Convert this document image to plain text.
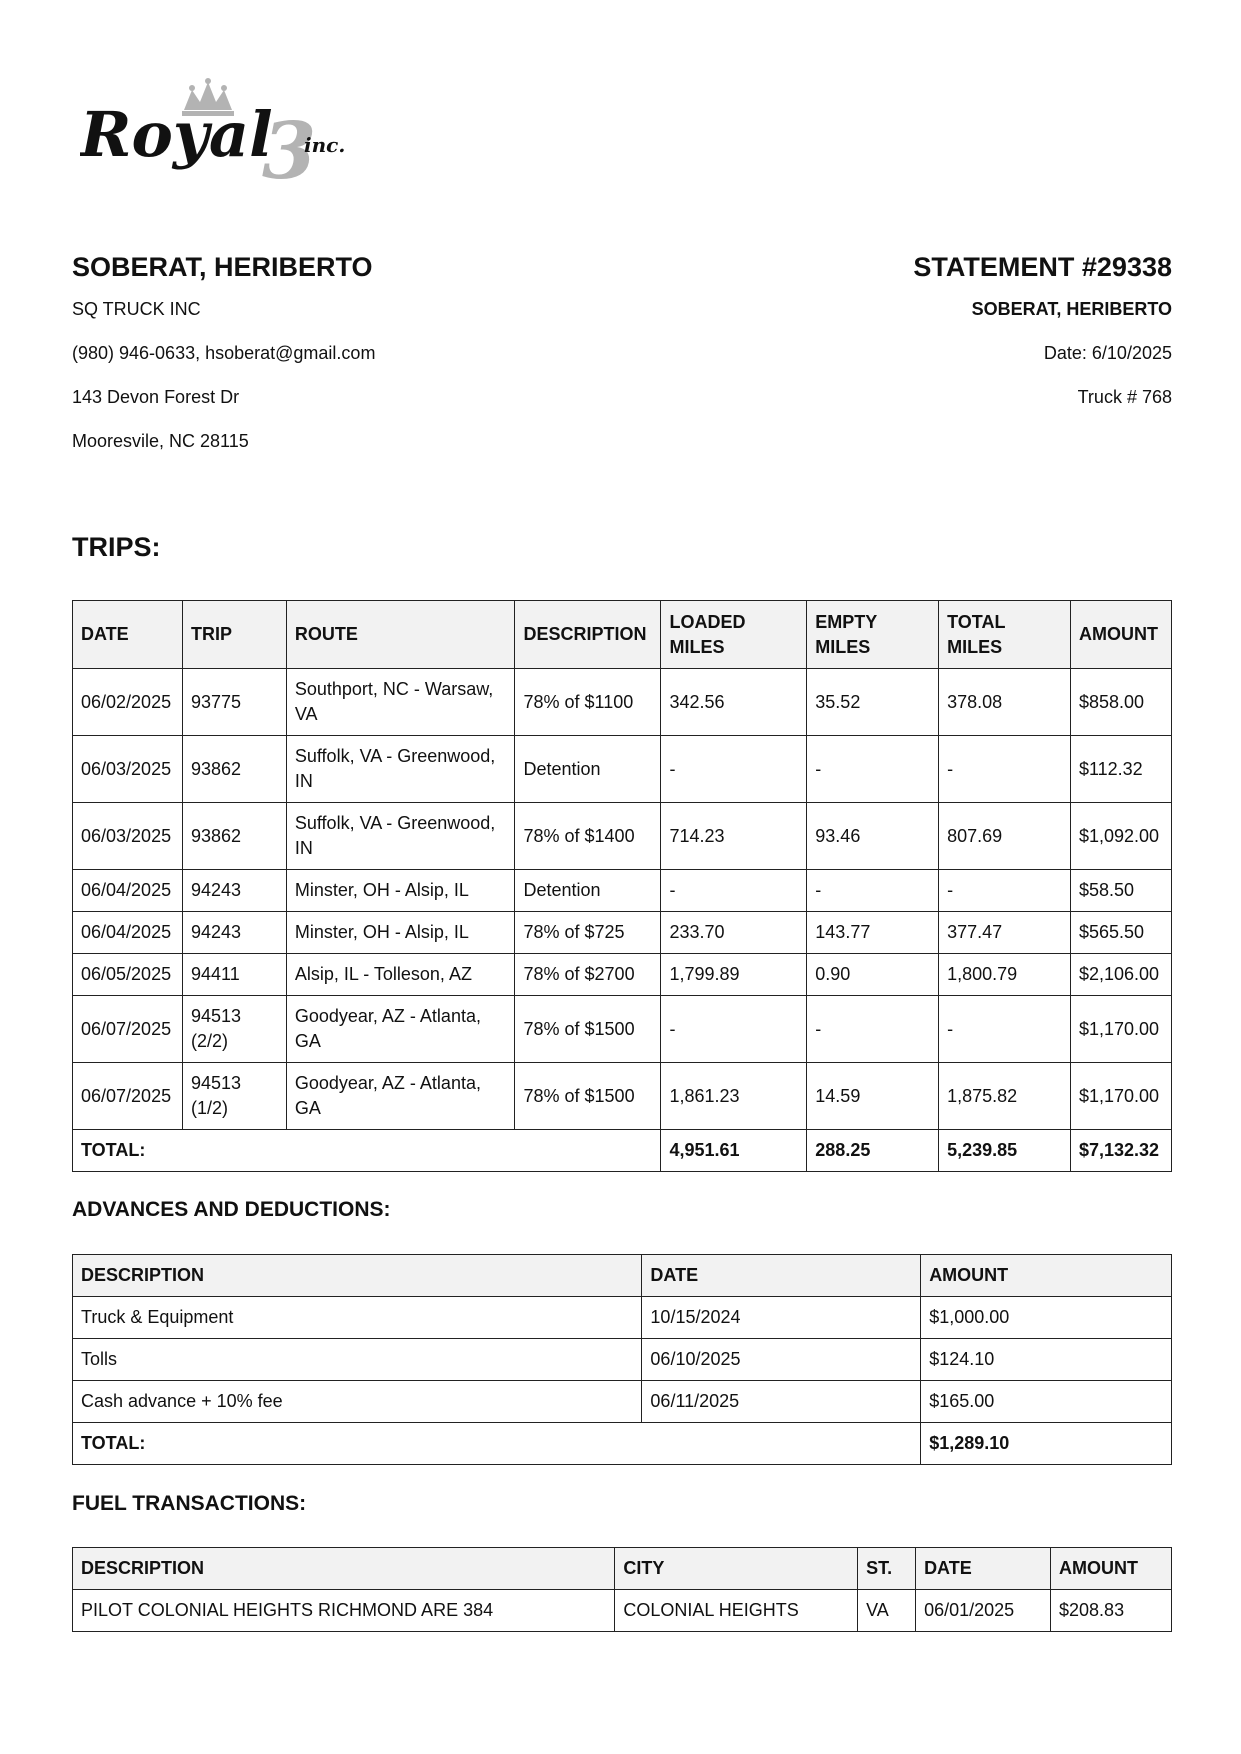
Royal
3
inc.
SOBERAT, HERIBERTO
SQ TRUCK INC
(980) 946-0633, hsoberat@gmail.com
143 Devon Forest Dr
Mooresvile, NC 28115
STATEMENT #29338
SOBERAT, HERIBERTO
Date: 6/10/2025
Truck # 768
TRIPS:
DATE	TRIP	ROUTE	DESCRIPTION	LOADED MILES	EMPTY MILES	TOTAL MILES	AMOUNT
06/02/2025	93775	Southport, NC - Warsaw, VA	78% of $1100	342.56	35.52	378.08	$858.00
06/03/2025	93862	Suffolk, VA - Greenwood, IN	Detention	-	-	-	$112.32
06/03/2025	93862	Suffolk, VA - Greenwood, IN	78% of $1400	714.23	93.46	807.69	$1,092.00
06/04/2025	94243	Minster, OH - Alsip, IL	Detention	-	-	-	$58.50
06/04/2025	94243	Minster, OH - Alsip, IL	78% of $725	233.70	143.77	377.47	$565.50
06/05/2025	94411	Alsip, IL - Tolleson, AZ	78% of $2700	1,799.89	0.90	1,800.79	$2,106.00
06/07/2025	94513 (2/2)	Goodyear, AZ - Atlanta, GA	78% of $1500	-	-	-	$1,170.00
06/07/2025	94513 (1/2)	Goodyear, AZ - Atlanta, GA	78% of $1500	1,861.23	14.59	1,875.82	$1,170.00
TOTAL:				4,951.61	288.25	5,239.85	$7,132.32
ADVANCES AND DEDUCTIONS:
DESCRIPTION	DATE	AMOUNT
Truck & Equipment	10/15/2024	$1,000.00
Tolls	06/10/2025	$124.10
Cash advance + 10% fee	06/11/2025	$165.00
TOTAL:		$1,289.10
FUEL TRANSACTIONS:
DESCRIPTION	CITY	ST.	DATE	AMOUNT
PILOT COLONIAL HEIGHTS RICHMOND ARE 384	COLONIAL HEIGHTS	VA	06/01/2025	$208.83
